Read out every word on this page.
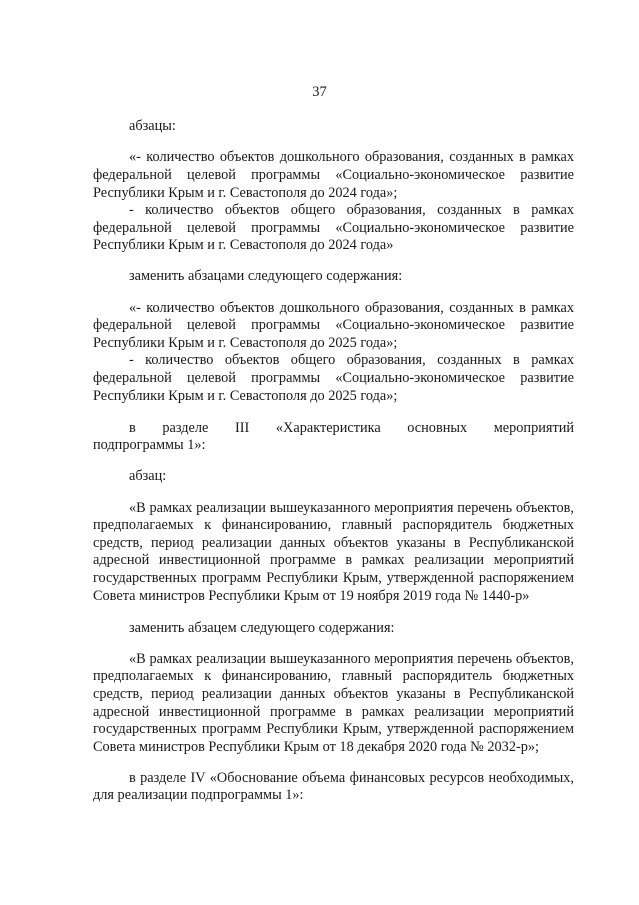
37
абзацы:
«- количество объектов дошкольного образования, созданных в рамках
федеральной целевой программы «Социально-экономическое развитие
Республики Крым и г. Севастополя до 2024 года»;
- количество объектов общего образования, созданных в рамках
федеральной целевой программы «Социально-экономическое развитие
Республики Крым и г. Севастополя до 2024 года»
заменить абзацами следующего содержания:
«- количество объектов дошкольного образования, созданных в рамках
федеральной целевой программы «Социально-экономическое развитие
Республики Крым и г. Севастополя до 2025 года»;
- количество объектов общего образования, созданных в рамках
федеральной целевой программы «Социально-экономическое развитие
Республики Крым и г. Севастополя до 2025 года»;
в разделе III «Характеристика основных мероприятий
подпрограммы 1»:
абзац:
«В рамках реализации вышеуказанного мероприятия перечень объектов,
предполагаемых к финансированию, главный распорядитель бюджетных
средств, период реализации данных объектов указаны в Республиканской
адресной инвестиционной программе в рамках реализации мероприятий
государственных программ Республики Крым, утвержденной распоряжением
Совета министров Республики Крым от 19 ноября 2019 года № 1440-р»
заменить абзацем следующего содержания:
«В рамках реализации вышеуказанного мероприятия перечень объектов,
предполагаемых к финансированию, главный распорядитель бюджетных
средств, период реализации данных объектов указаны в Республиканской
адресной инвестиционной программе в рамках реализации мероприятий
государственных программ Республики Крым, утвержденной распоряжением
Совета министров Республики Крым от 18 декабря 2020 года № 2032-р»;
в разделе IV «Обоснование объема финансовых ресурсов необходимых,
для реализации подпрограммы 1»:
